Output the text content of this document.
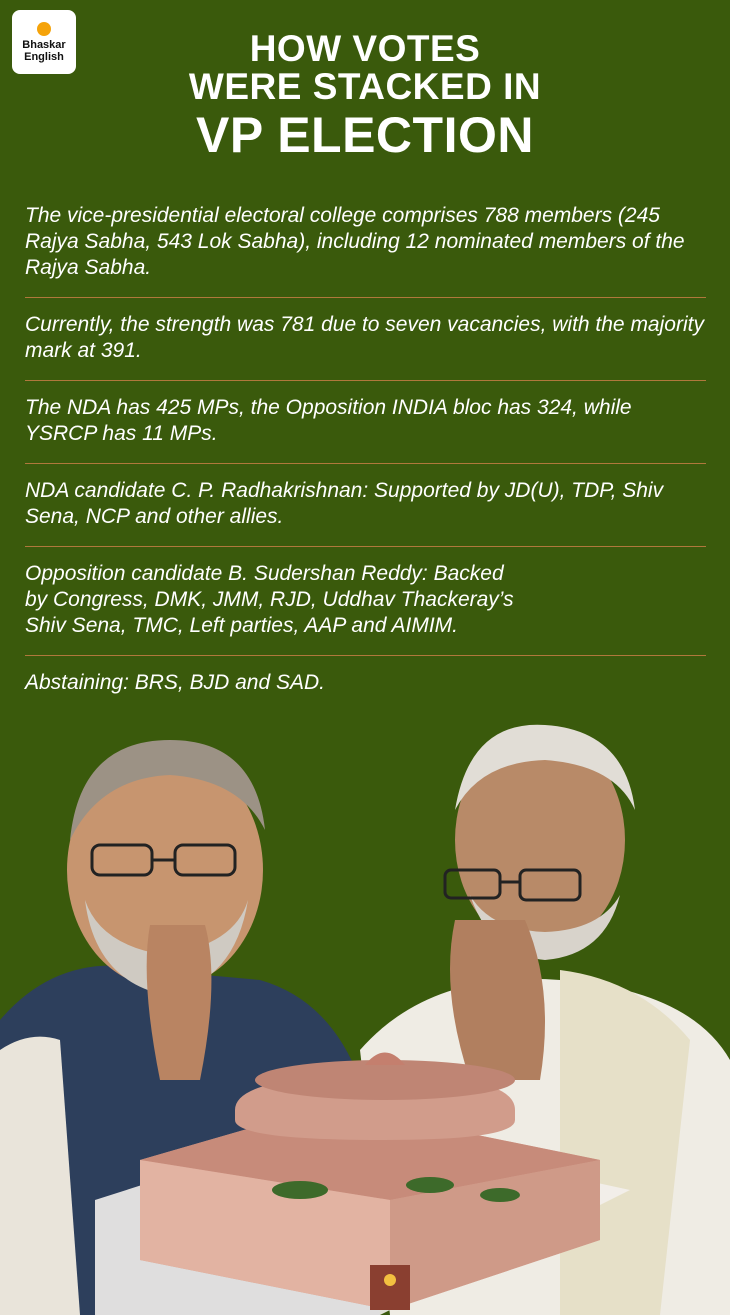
Bhaskar
English	HOW VOTES
WERE STACKED IN
VP ELECTION
The vice-presidential electoral college comprises 788 members (245 Rajya Sabha, 543 Lok Sabha), including 12 nominated members of the Rajya Sabha.
Currently, the strength was 781 due to seven vacancies, with the majority mark at 391.
The NDA has 425 MPs, the Opposition INDIA bloc has 324, while YSRCP has 11 MPs.
NDA candidate C. P. Radhakrishnan: Supported by JD(U), TDP, Shiv Sena, NCP and other allies.
Opposition candidate B. Sudershan Reddy: Backed by Congress, DMK, JMM, RJD, Uddhav Thackeray’s Shiv Sena, TMC, Left parties, AAP and AIMIM.
Abstaining: BRS, BJD and SAD.
